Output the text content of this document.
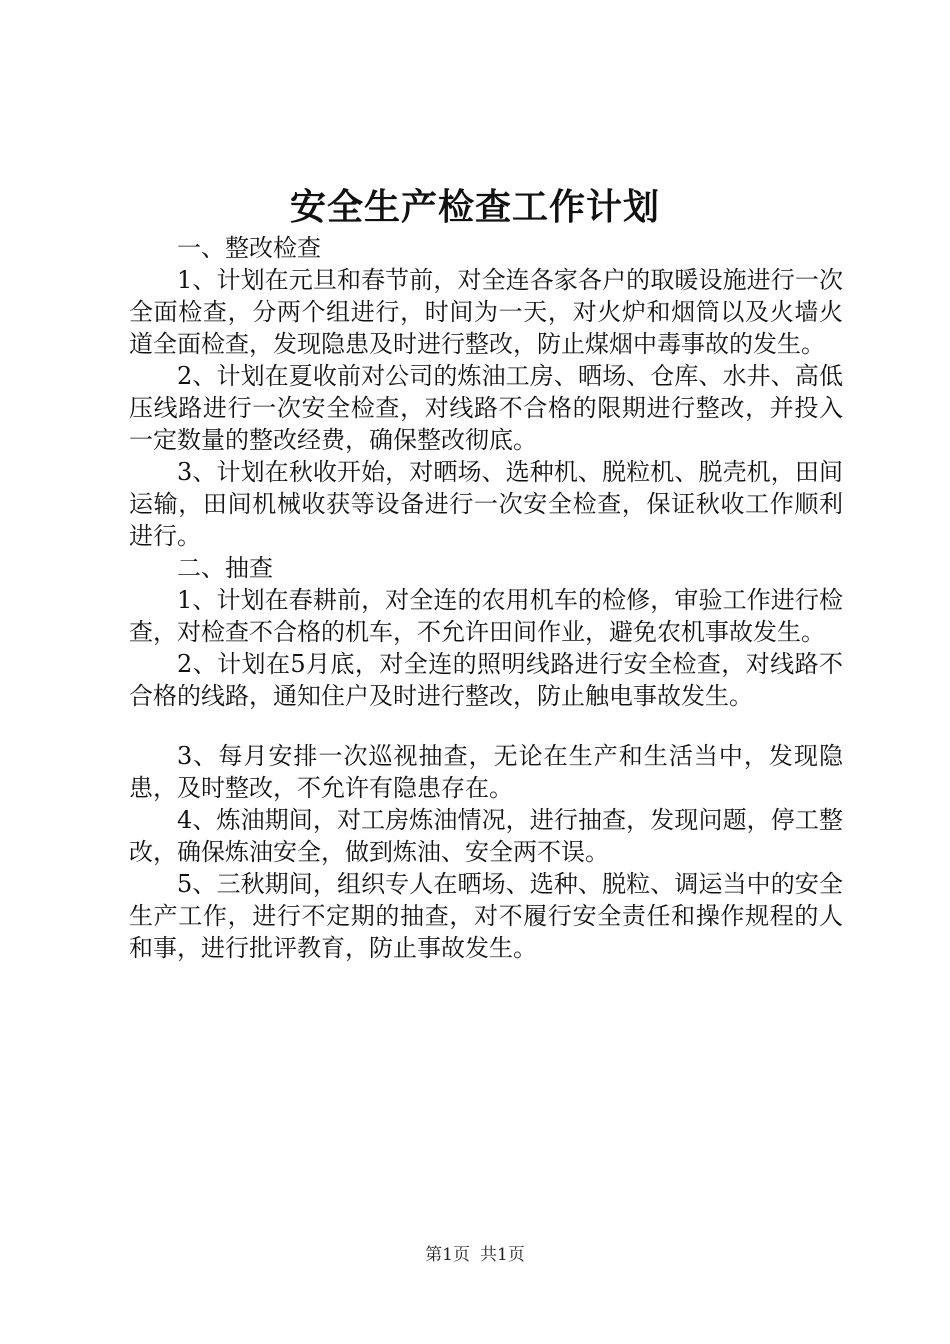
安全生产检查工作计划

一、整改检查

1、计划在元旦和春节前，对全连各家各户的取暖设施进行一次全面检查，分两个组进行，时间为一天，对火炉和烟筒以及火墙火道全面检查，发现隐患及时进行整改，防止煤烟中毒事故的发生。

2、计划在夏收前对公司的炼油工房、晒场、仓库、水井、高低压线路进行一次安全检查，对线路不合格的限期进行整改，并投入一定数量的整改经费，确保整改彻底。

3、计划在秋收开始，对晒场、选种机、脱粒机、脱壳机，田间运输，田间机械收获等设备进行一次安全检查，保证秋收工作顺利进行。

二、抽查

1、计划在春耕前，对全连的农用机车的检修，审验工作进行检查，对检查不合格的机车，不允许田间作业，避免农机事故发生。

2、计划在5月底，对全连的照明线路进行安全检查，对线路不合格的线路，通知住户及时进行整改，防止触电事故发生。

3、每月安排一次巡视抽查，无论在生产和生活当中，发现隐患，及时整改，不允许有隐患存在。

4、炼油期间，对工房炼油情况，进行抽查，发现问题，停工整改，确保炼油安全，做到炼油、安全两不误。

5、三秋期间，组织专人在晒场、选种、脱粒、调运当中的安全生产工作，进行不定期的抽查，对不履行安全责任和操作规程的人和事，进行批评教育，防止事故发生。

第1页 共1页
